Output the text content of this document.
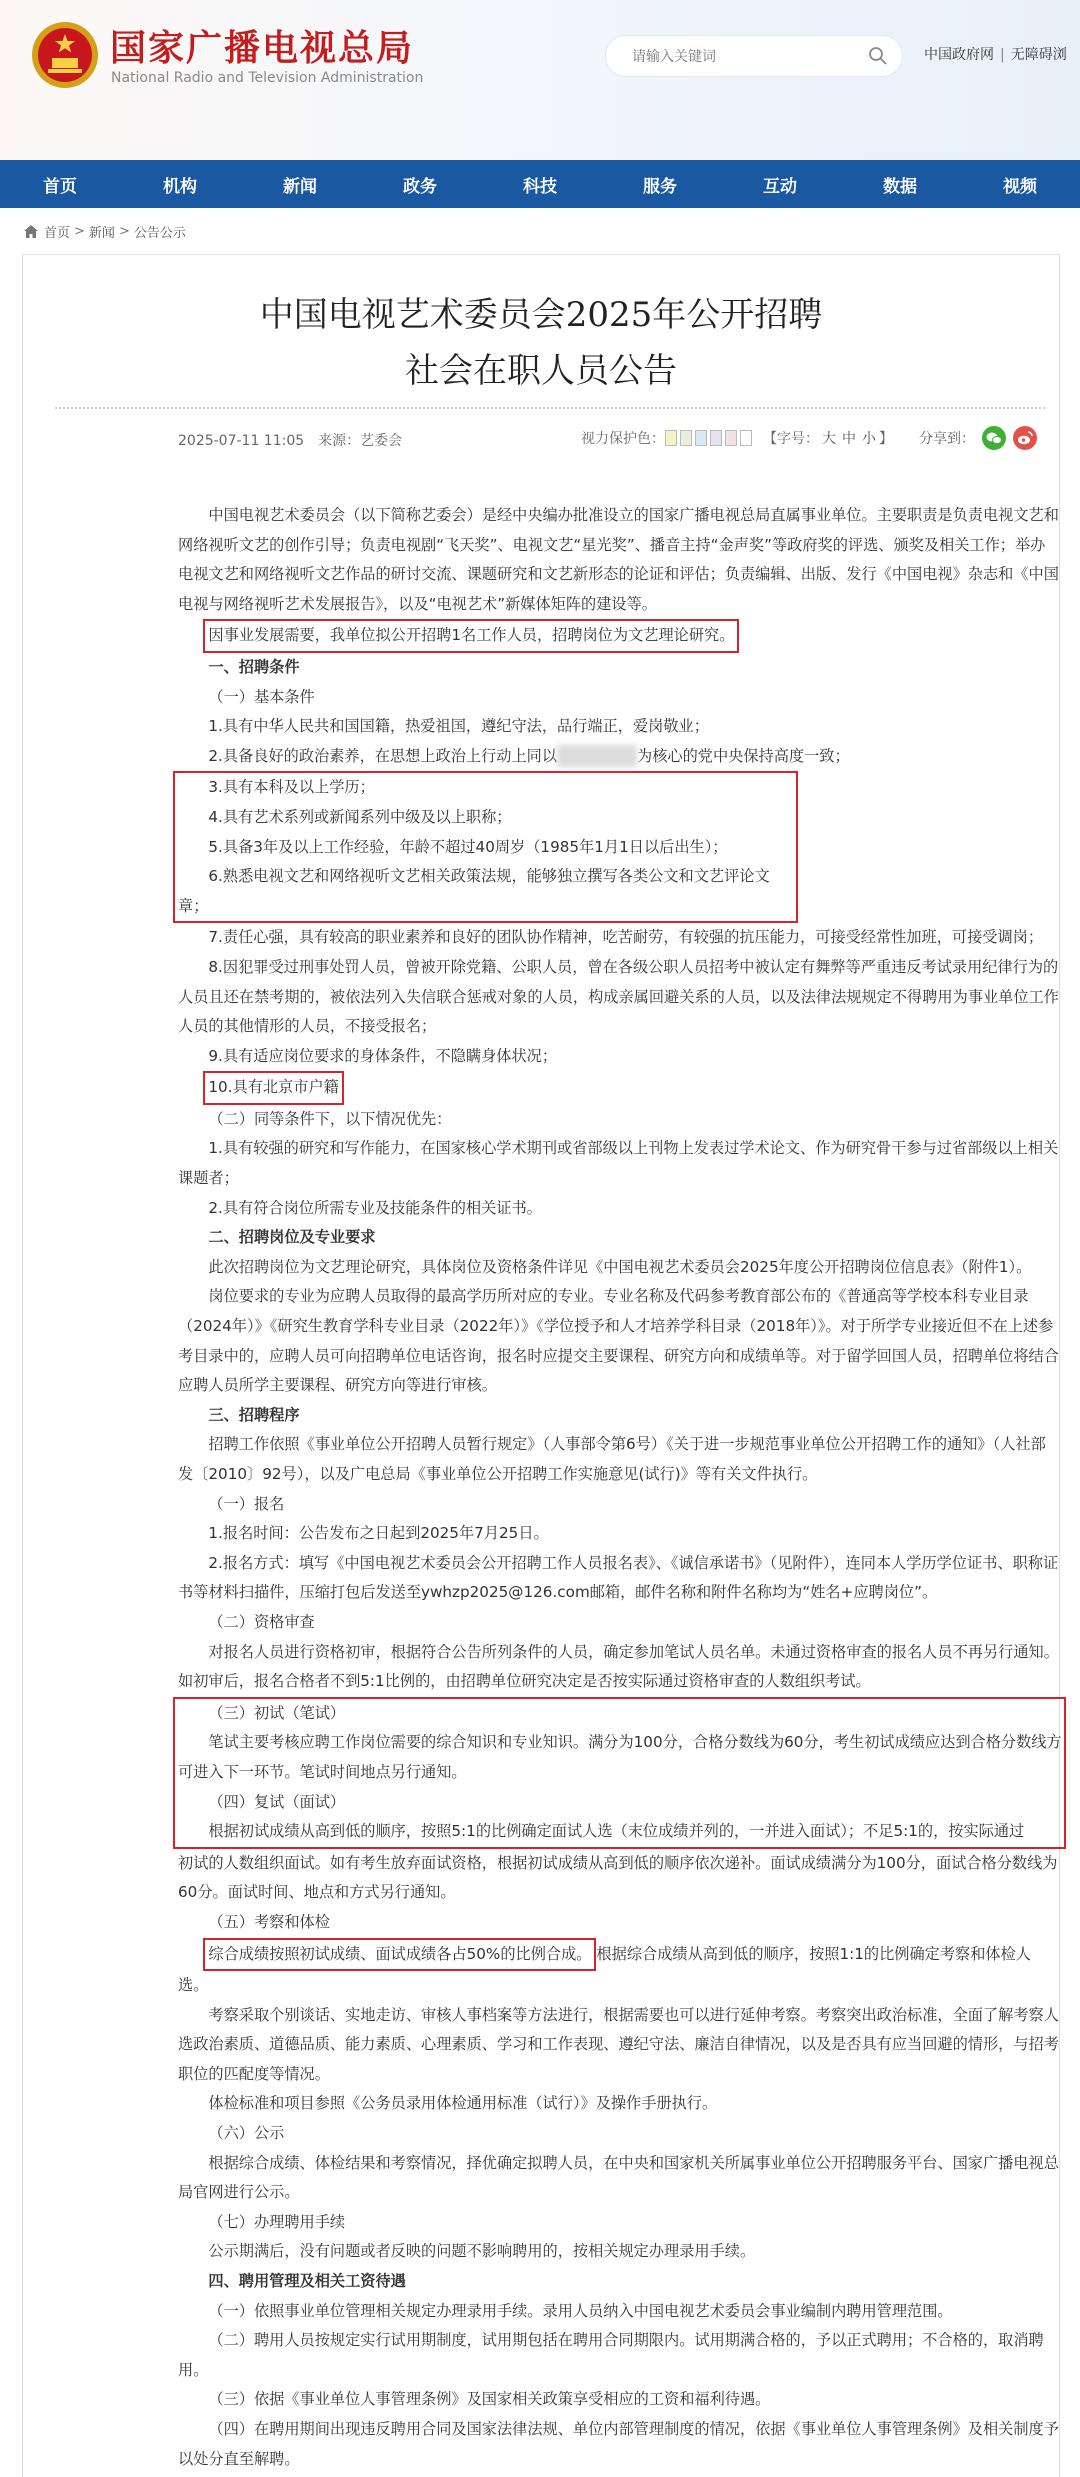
国家广播电视总局
National Radio and Television Administration
请输入关键词
中国政府网 | 无障碍浏
首页	机构	新闻	政务	科技	服务	互动	数据	视频
首页 > 新闻 > 公告公示
中国电视艺术委员会2025年公开招聘
社会在职人员公告
2025-07-11 11:05 来源：艺委会	视力保护色：	【字号： 大 中 小 】 分享到：

中国电视艺术委员会（以下简称艺委会）是经中央编办批准设立的国家广播电视总局直属事业单位。主要职责是负责电视文艺和网络视听文艺的创作引导；负责电视剧“飞天奖”、电视文艺“星光奖”、播音主持“金声奖”等政府奖的评选、颁奖及相关工作；举办电视文艺和网络视听文艺作品的研讨交流、课题研究和文艺新形态的论证和评估；负责编辑、出版、发行《中国电视》杂志和《中国电视与网络视听艺术发展报告》，以及“电视艺术”新媒体矩阵的建设等。

因事业发展需要，我单位拟公开招聘1名工作人员，招聘岗位为文艺理论研究。

一、招聘条件

（一）基本条件

1.具有中华人民共和国国籍，热爱祖国，遵纪守法，品行端正，爱岗敬业；

2.具备良好的政治素养，在思想上政治上行动上同以	为核心的党中央保持高度一致；

3.具有本科及以上学历；

4.具有艺术系列或新闻系列中级及以上职称；

5.具备3年及以上工作经验，年龄不超过40周岁（1985年1月1日以后出生）；

6.熟悉电视文艺和网络视听文艺相关政策法规，能够独立撰写各类公文和文艺评论文章；

7.责任心强，具有较高的职业素养和良好的团队协作精神，吃苦耐劳，有较强的抗压能力，可接受经常性加班，可接受调岗；

8.因犯罪受过刑事处罚人员，曾被开除党籍、公职人员，曾在各级公职人员招考中被认定有舞弊等严重违反考试录用纪律行为的人员且还在禁考期的，被依法列入失信联合惩戒对象的人员，构成亲属回避关系的人员，以及法律法规规定不得聘用为事业单位工作人员的其他情形的人员，不接受报名；

9.具有适应岗位要求的身体条件，不隐瞒身体状况；

10.具有北京市户籍

（二）同等条件下，以下情况优先：

1.具有较强的研究和写作能力，在国家核心学术期刊或省部级以上刊物上发表过学术论文、作为研究骨干参与过省部级以上相关课题者；

2.具有符合岗位所需专业及技能条件的相关证书。

二、招聘岗位及专业要求

此次招聘岗位为文艺理论研究，具体岗位及资格条件详见《中国电视艺术委员会2025年度公开招聘岗位信息表》（附件1）。

岗位要求的专业为应聘人员取得的最高学历所对应的专业。专业名称及代码参考教育部公布的《普通高等学校本科专业目录（2024年）》《研究生教育学科专业目录（2022年）》《学位授予和人才培养学科目录（2018年）》。对于所学专业接近但不在上述参考目录中的，应聘人员可向招聘单位电话咨询，报名时应提交主要课程、研究方向和成绩单等。对于留学回国人员，招聘单位将结合应聘人员所学主要课程、研究方向等进行审核。

三、招聘程序

招聘工作依照《事业单位公开招聘人员暂行规定》（人事部令第6号）《关于进一步规范事业单位公开招聘工作的通知》（人社部发〔2010〕92号），以及广电总局《事业单位公开招聘工作实施意见(试行)》等有关文件执行。

（一）报名

1.报名时间：公告发布之日起到2025年7月25日。

2.报名方式：填写《中国电视艺术委员会公开招聘工作人员报名表》、《诚信承诺书》（见附件），连同本人学历学位证书、职称证书等材料扫描件，压缩打包后发送至ywhzp2025@126.com邮箱，邮件名称和附件名称均为“姓名+应聘岗位”。

（二）资格审查

对报名人员进行资格初审，根据符合公告所列条件的人员，确定参加笔试人员名单。未通过资格审查的报名人员不再另行通知。如初审后，报名合格者不到5:1比例的，由招聘单位研究决定是否按实际通过资格审查的人数组织考试。

（三）初试（笔试）

笔试主要考核应聘工作岗位需要的综合知识和专业知识。满分为100分，合格分数线为60分，考生初试成绩应达到合格分数线方可进入下一环节。笔试时间地点另行通知。

（四）复试（面试）

根据初试成绩从高到低的顺序，按照5:1的比例确定面试人选（末位成绩并列的，一并进入面试）；不足5:1的，按实际通过

初试的人数组织面试。如有考生放弃面试资格，根据初试成绩从高到低的顺序依次递补。面试成绩满分为100分，面试合格分数线为60分。面试时间、地点和方式另行通知。

（五）考察和体检

综合成绩按照初试成绩、面试成绩各占50%的比例合成。 根据综合成绩从高到低的顺序，按照1:1的比例确定考察和体检人选。

考察采取个别谈话、实地走访、审核人事档案等方法进行，根据需要也可以进行延伸考察。考察突出政治标准，全面了解考察人选政治素质、道德品质、能力素质、心理素质、学习和工作表现、遵纪守法、廉洁自律情况，以及是否具有应当回避的情形，与招考职位的匹配度等情况。

体检标准和项目参照《公务员录用体检通用标准（试行）》及操作手册执行。

（六）公示

根据综合成绩、体检结果和考察情况，择优确定拟聘人员，在中央和国家机关所属事业单位公开招聘服务平台、国家广播电视总局官网进行公示。

（七）办理聘用手续

公示期满后，没有问题或者反映的问题不影响聘用的，按相关规定办理录用手续。

四、聘用管理及相关工资待遇

（一）依照事业单位管理相关规定办理录用手续。录用人员纳入中国电视艺术委员会事业编制内聘用管理范围。

（二）聘用人员按规定实行试用期制度，试用期包括在聘用合同期限内。试用期满合格的，予以正式聘用；不合格的，取消聘用。

（三）依据《事业单位人事管理条例》及国家相关政策享受相应的工资和福利待遇。

（四）在聘用期间出现违反聘用合同及国家法律法规、单位内部管理制度的情况，依据《事业单位人事管理条例》及相关制度予以处分直至解聘。
